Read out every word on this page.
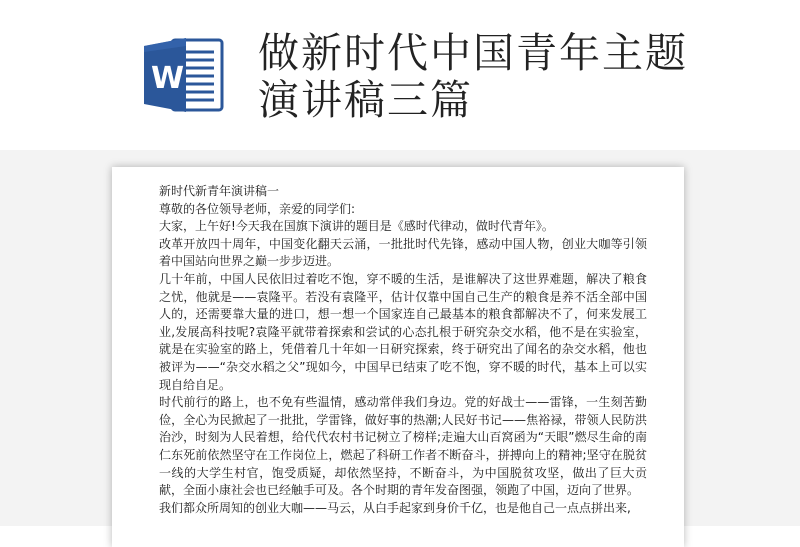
W
做新时代中国青年主题演讲稿三篇

新时代新青年演讲稿一

尊敬的各位领导老师，亲爱的同学们:

大家，上午好!今天我在国旗下演讲的题目是《感时代律动，做时代青年》。

改革开放四十周年，中国变化翻天云涌，一批批时代先锋，感动中国人物，创业大咖等引领着中国站向世界之巅一步步迈进。

几十年前，中国人民依旧过着吃不饱，穿不暖的生活，是谁解决了这世界难题，解决了粮食之忧，他就是——袁隆平。若没有袁隆平，估计仅靠中国自己生产的粮食是养不活全部中国人的，还需要靠大量的进口，想一想一个国家连自己最基本的粮食都解决不了，何来发展工业,发展高科技呢?袁隆平就带着探索和尝试的心态扎根于研究杂交水稻，他不是在实验室，就是在实验室的路上，凭借着几十年如一日研究探索，终于研究出了闻名的杂交水稻，他也被评为——“杂交水稻之父”现如今，中国早已结束了吃不饱，穿不暖的时代，基本上可以实现自给自足。

时代前行的路上，也不免有些温情，感动常伴我们身边。党的好战士——雷锋，一生刻苦勤俭，全心为民掀起了一批批，学雷锋，做好事的热潮;人民好书记——焦裕禄，带领人民防洪治沙，时刻为人民着想，给代代农村书记树立了榜样;走遍大山百窝函为“天眼”燃尽生命的南仁东死前依然坚守在工作岗位上，燃起了科研工作者不断奋斗，拼搏向上的精神;坚守在脱贫一线的大学生村官，饱受质疑，却依然坚持，不断奋斗，为中国脱贫攻坚，做出了巨大贡献，全面小康社会也已经触手可及。各个时期的青年发奋图强，领跑了中国，迈向了世界。

我们都众所周知的创业大咖——马云，从白手起家到身价千亿，也是他自己一点点拼出来,
